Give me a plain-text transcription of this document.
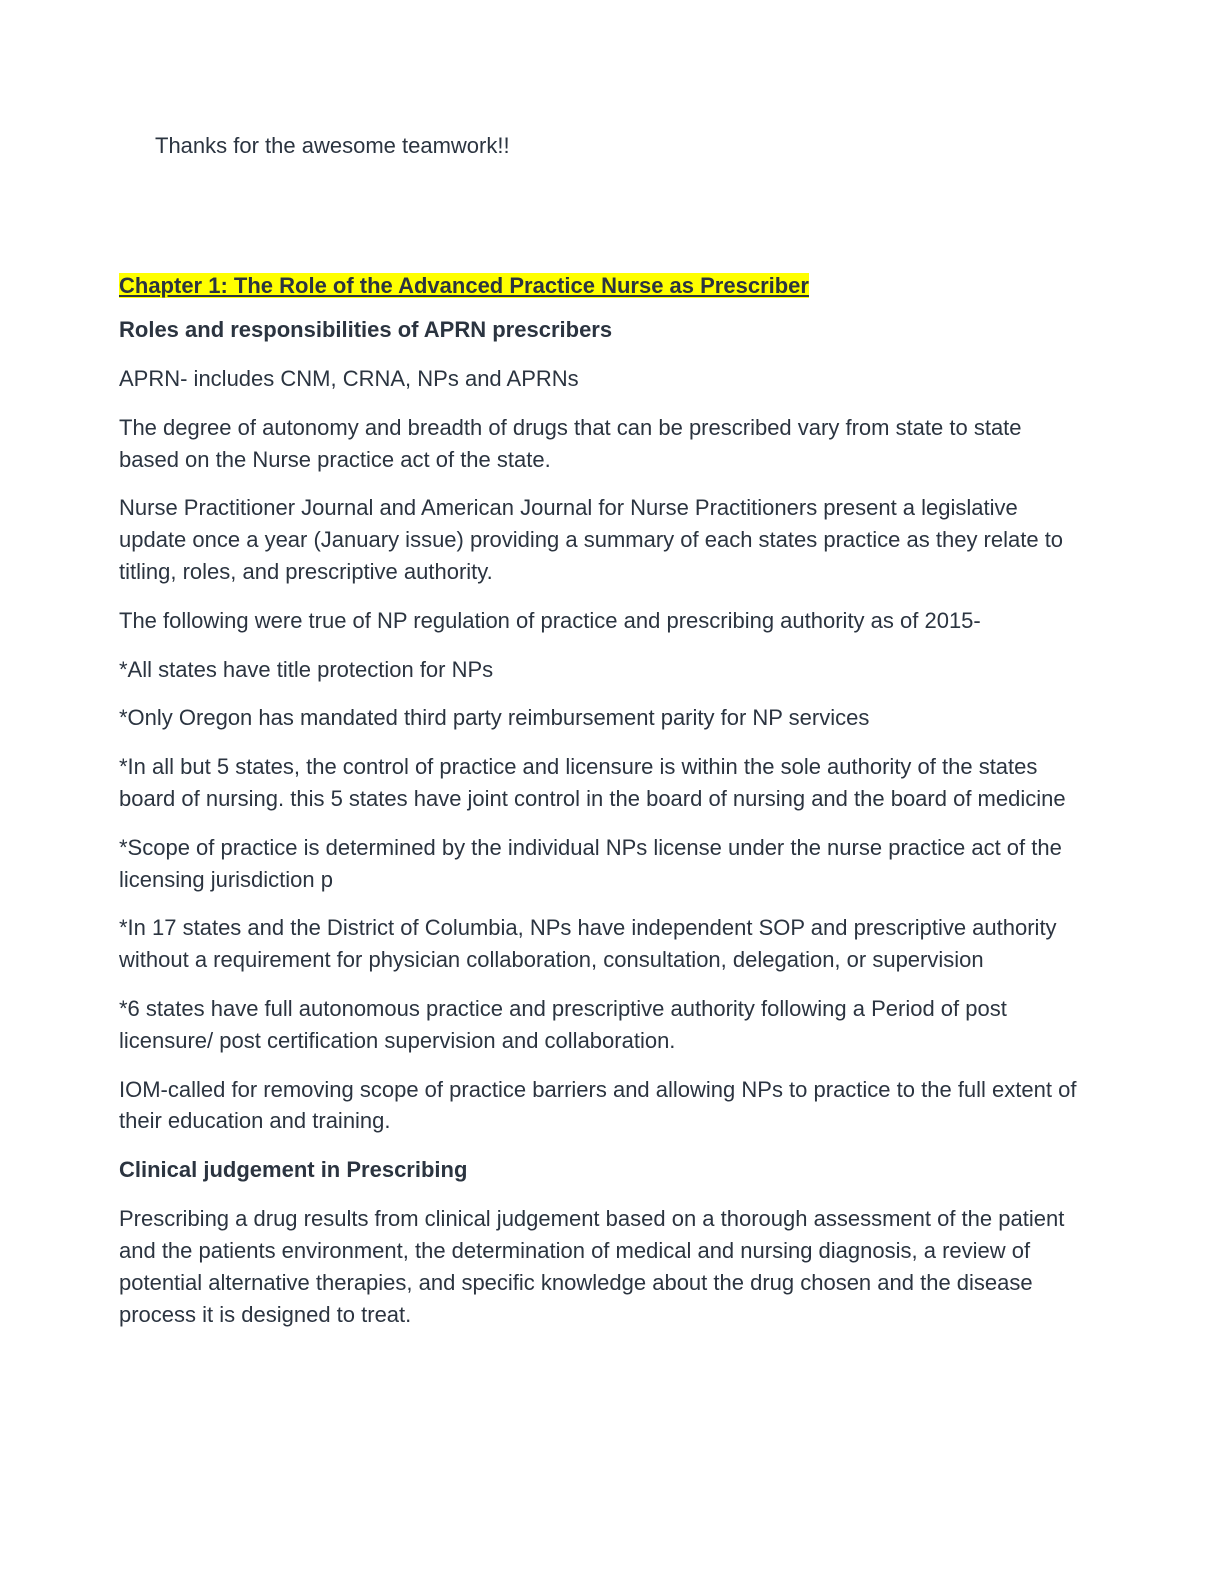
Thanks for the awesome teamwork!!

Chapter 1: The Role of the Advanced Practice Nurse as Prescriber
Roles and responsibilities of APRN prescribers

APRN- includes CNM, CRNA, NPs and APRNs

The degree of autonomy and breadth of drugs that can be prescribed vary from state to state based on the Nurse practice act of the state.

Nurse Practitioner Journal and American Journal for Nurse Practitioners present a legislative update once a year (January issue) providing a summary of each states practice as they relate to titling, roles, and prescriptive authority.

The following were true of NP regulation of practice and prescribing authority as of 2015-

*All states have title protection for NPs

*Only Oregon has mandated third party reimbursement parity for NP services

*In all but 5 states, the control of practice and licensure is within the sole authority of the states board of nursing. this 5 states have joint control in the board of nursing and the board of medicine

*Scope of practice is determined by the individual NPs license under the nurse practice act of the licensing jurisdiction p

*In 17 states and the District of Columbia, NPs have independent SOP and prescriptive authority without a requirement for physician collaboration, consultation, delegation, or supervision

*6 states have full autonomous practice and prescriptive authority following a Period of post licensure/ post certification supervision and collaboration.

IOM-called for removing scope of practice barriers and allowing NPs to practice to the full extent of their education and training.

Clinical judgement in Prescribing

Prescribing a drug results from clinical judgement based on a thorough assessment of the patient and the patients environment, the determination of medical and nursing diagnosis, a review of potential alternative therapies, and specific knowledge about the drug chosen and the disease process it is designed to treat.
